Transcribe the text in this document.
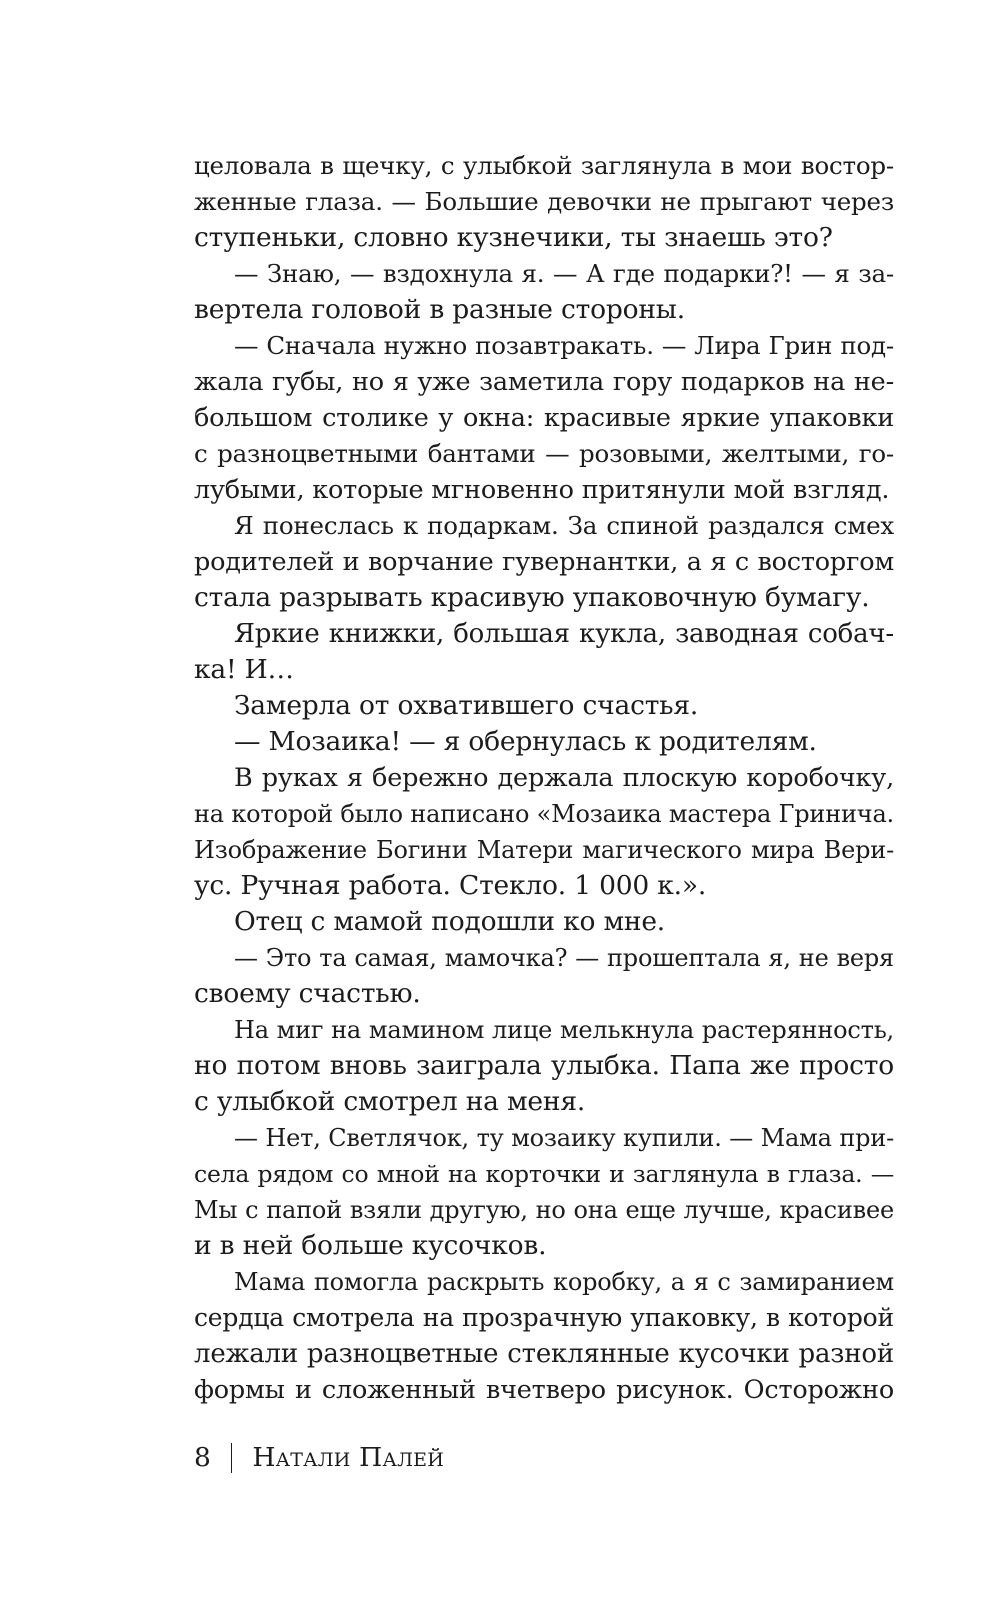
целовала в щечку, с улыбкой заглянула в мои востор-
женные глаза. — Большие девочки не прыгают через
ступеньки, словно кузнечики, ты знаешь это?
— Знаю, — вздохнула я. — А где подарки?! — я за-
вертела головой в разные стороны.
— Сначала нужно позавтракать. — Лира Грин под-
жала губы, но я уже заметила гору подарков на не-
большом столике у окна: красивые яркие упаковки
с разноцветными бантами — розовыми, желтыми, го-
лубыми, которые мгновенно притянули мой взгляд.
Я понеслась к подаркам. За спиной раздался смех
родителей и ворчание гувернантки, а я с восторгом
стала разрывать красивую упаковочную бумагу.
Яркие книжки, большая кукла, заводная собач-
ка! И…
Замерла от охватившего счастья.
— Мозаика! — я обернулась к родителям.
В руках я бережно держала плоскую коробочку,
на которой было написано «Мозаика мастера Гринича.
Изображение Богини Матери магического мира Вери-
ус. Ручная работа. Стекло. 1 000 к.».
Отец с мамой подошли ко мне.
— Это та самая, мамочка? — прошептала я, не веря
своему счастью.
На миг на мамином лице мелькнула растерянность,
но потом вновь заиграла улыбка. Папа же просто
с улыбкой смотрел на меня.
— Нет, Светлячок, ту мозаику купили. — Мама при-
села рядом со мной на корточки и заглянула в глаза. —
Мы с папой взяли другую, но она еще лучше, красивее
и в ней больше кусочков.
Мама помогла раскрыть коробку, а я с замиранием
сердца смотрела на прозрачную упаковку, в которой
лежали разноцветные стеклянные кусочки разной
формы и сложенный вчетверо рисунок. Осторожно
8 Натали Палей
